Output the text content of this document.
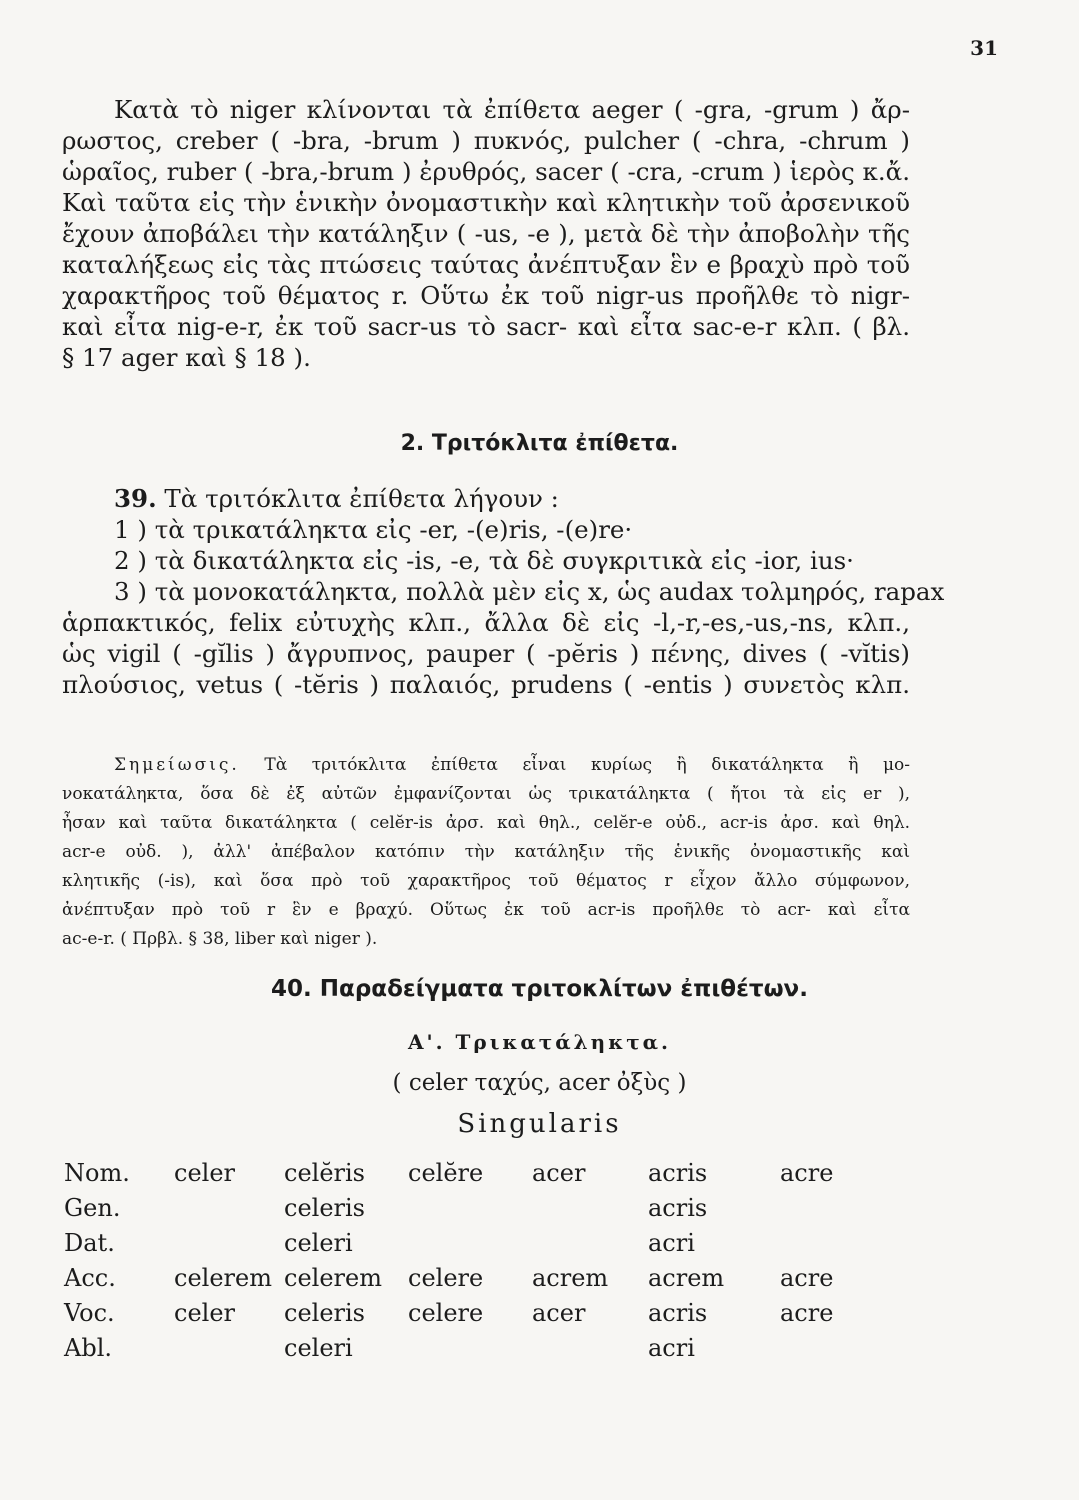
31
Κατὰ τὸ niger κλίνονται τὰ ἐπίθετα aeger ( -gra, -grum ) ἄρ-
ρωστος, creber ( -bra, -brum ) πυκνός, pulcher ( -chra, -chrum )
ὡραῖος, ruber ( -bra,-brum ) ἐρυθρός, sacer ( -cra, -crum ) ἱερὸς κ.ἄ.
Καὶ ταῦτα εἰς τὴν ἑνικὴν ὀνομαστικὴν καὶ κλητικὴν τοῦ ἀρσενικοῦ
ἔχουν ἀποβάλει τὴν κατάληξιν ( -us, -e ), μετὰ δὲ τὴν ἀποβολὴν τῆς
καταλήξεως εἰς τὰς πτώσεις ταύτας ἀνέπτυξαν ἓν e βραχὺ πρὸ τοῦ
χαρακτῆρος τοῦ θέματος r. Οὕτω ἐκ τοῦ nigr-us προῆλθε τὸ nigr-
καὶ εἶτα nig-e-r, ἐκ τοῦ sacr-us τὸ sacr- καὶ εἶτα sac-e-r κλπ. ( βλ.
§ 17 ager καὶ § 18 ).
2. Τριτόκλιτα ἐπίθετα.
39. Τὰ τριτόκλιτα ἐπίθετα λήγουν :
1 ) τὰ τρικατάληκτα εἰς -er, -(e)ris, -(e)re·
2 ) τὰ δικατάληκτα εἰς -is, -e, τὰ δὲ συγκριτικὰ εἰς -ior, ius·
3 ) τὰ μονοκατάληκτα, πολλὰ μὲν εἰς x, ὡς audax τολμηρός, rapax
ἁρπακτικός, felix εὐτυχὴς κλπ., ἄλλα δὲ εἰς -l,-r,-es,-us,-ns, κλπ.,
ὡς vigil ( -gĭlis ) ἄγρυπνος, pauper ( -pĕris ) πένης, dives ( -vĭtis)
πλούσιος, vetus ( -tĕris ) παλαιός, prudens ( -entis ) συνετὸς κλπ.
Σημείωσις. Τὰ τριτόκλιτα ἐπίθετα εἶναι κυρίως ἢ δικατάληκτα ἢ μο-
νοκατάληκτα, ὅσα δὲ ἐξ αὐτῶν ἐμφανίζονται ὡς τρικατάληκτα ( ἤτοι τὰ εἰς er ),
ἦσαν καὶ ταῦτα δικατάληκτα ( celĕr-is ἀρσ. καὶ θηλ., celĕr-e οὐδ., acr-is ἀρσ. καὶ θηλ.
acr-e οὐδ. ), ἀλλ' ἀπέβαλον κατόπιν τὴν κατάληξιν τῆς ἑνικῆς ὀνομαστικῆς καὶ
κλητικῆς (-is), καὶ ὅσα πρὸ τοῦ χαρακτῆρος τοῦ θέματος r εἶχον ἄλλο σύμφωνον,
ἀνέπτυξαν πρὸ τοῦ r ἓν e βραχύ. Οὕτως ἐκ τοῦ acr-is προῆλθε τὸ acr- καὶ εἶτα
ac-e-r. ( Πρβλ. § 38, liber καὶ niger ).
40. Παραδείγματα τριτοκλίτων ἐπιθέτων.
Α'. Τρικατάληκτα.
( celer ταχύς, acer ὀξὺς )
Singularis
Nom.	celer	celĕris	celĕre	acer	acris	acre
Gen.		celeris			acris	
Dat.		celeri			acri	
Acc.	celerem	celerem	celere	acrem	acrem	acre
Voc.	celer	celeris	celere	acer	acris	acre
Abl.		celeri			acri	
